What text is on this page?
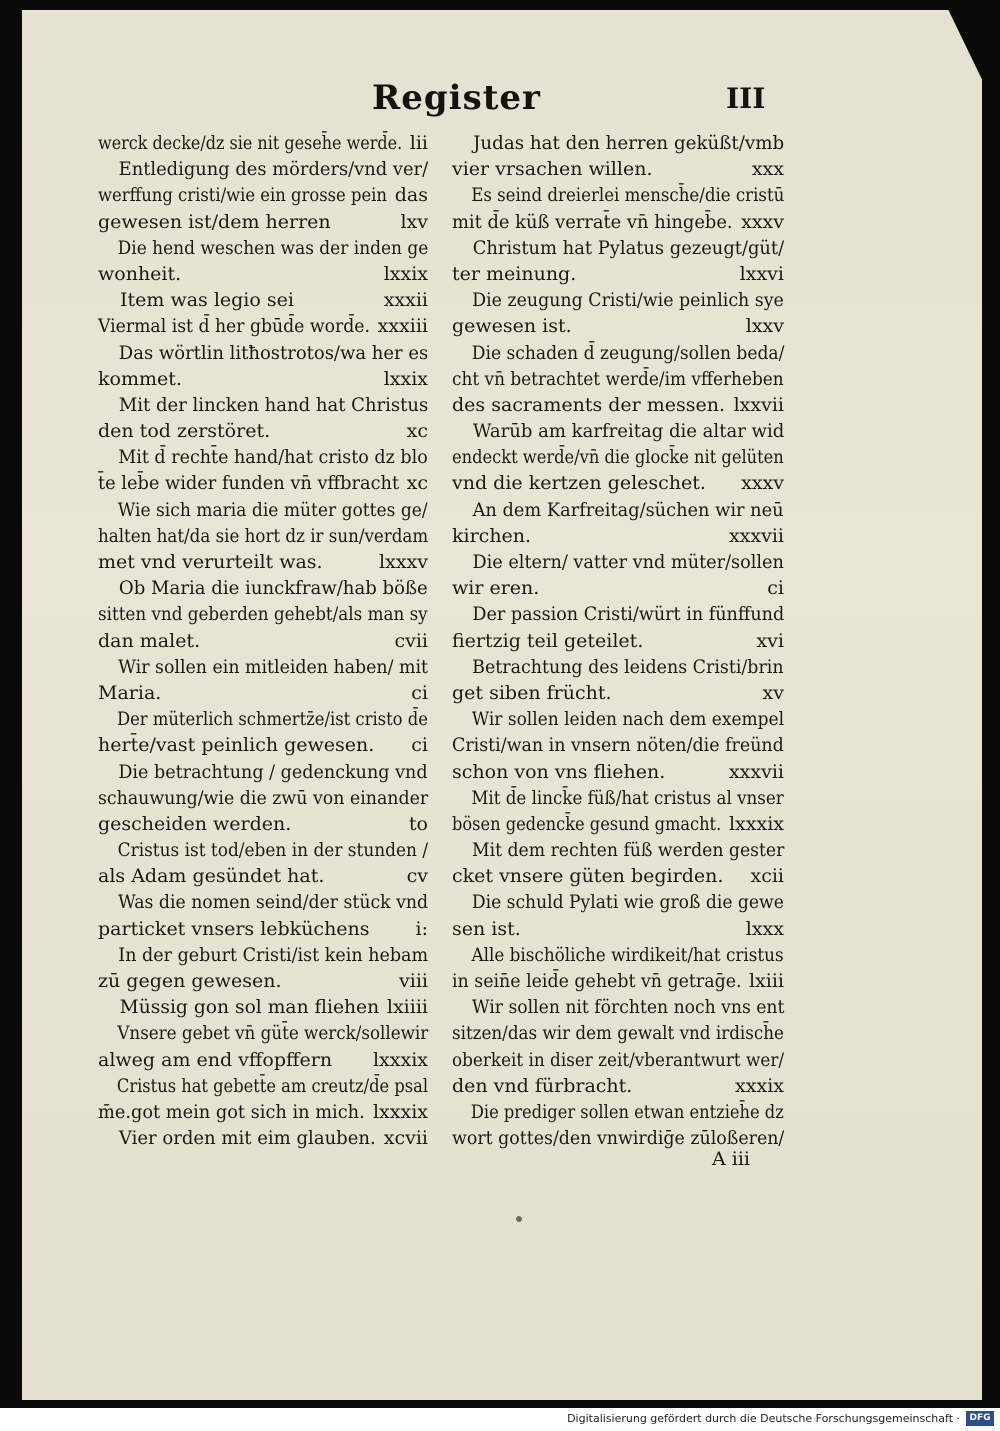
Register	III
werck decke/dz sie nit geseh̄e werd̄e. lii
Entledigung des mörders/vnd ver/
werffung cristi/wie ein grosse pein das
gewesen ist/dem herren	lxv
Die hend weschen was der inden ge
wonheit.	lxxix
Item was legio sei	xxxii
Viermal ist d̄ her gbūd̄e word̄e. xxxiii
Das wörtlin litħostrotos/wa her es
kommet.	lxxix
Mit der lincken hand hat Christus
den tod zerstöret.	xc
Mit d̄ recht̄e hand/hat cristo dz blo
t̄e leb̄e wider funden vn̄ vffbracht xc
Wie sich maria die müter gottes ge/
halten hat/da sie hort dz ir sun/verdam
met vnd verurteilt was.	lxxxv
Ob Maria die iunckfraw/hab böße
sitten vnd geberden gehebt/als man sy
dan malet.	cvii
Wir sollen ein mitleiden haben/ mit
Maria.	ci
Der müterlich schmertz̄e/ist cristo d̄e
hert̄e/vast peinlich gewesen. ci
Die betrachtung / gedenckung vnd
schauwung/wie die zwū von einander
gescheiden werden.	to
Cristus ist tod/eben in der stunden /
als Adam gesündet hat.	cv
Was die nomen seind/der stück vnd
particket vnsers lebküchens i:
In der geburt Cristi/ist kein hebam
zū gegen gewesen.	viii
Müssig gon sol man fliehen lxiiii
Vnsere gebet vn̄ güt̄e werck/sollewir
alweg am end vffopffern lxxxix
Cristus hat gebett̄e am creutz/d̄e psal
m̄e.got mein got sich in mich. lxxxix
Vier orden mit eim glauben. xcvii
Judas hat den herren geküßt/vmb
vier vrsachen willen.	xxx
Es seind dreierlei mensch̄e/die cristū
mit d̄e küß verrat̄e vn̄ hingeb̄e. xxxv
Christum hat Pylatus gezeugt/güt/
ter meinung.	lxxvi
Die zeugung Cristi/wie peinlich sye
gewesen ist.	lxxv
Die schaden d̄ zeugung/sollen beda/
cht vn̄ betrachtet werd̄e/im vfferheben
des sacraments der messen. lxxvii
Warūb am karfreitag die altar wid
endeckt werd̄e/vn̄ die glock̄e nit gelüten
vnd die kertzen geleschet. xxxv
An dem Karfreitag/süchen wir neū
kirchen.	xxxvii
Die eltern/ vatter vnd müter/sollen
wir eren.	ci
Der passion Cristi/würt in fünffund
fiertzig teil geteilet.	xvi
Betrachtung des leidens Cristi/brin
get siben frücht.	xv
Wir sollen leiden nach dem exempel
Cristi/wan in vnsern nöten/die freünd
schon von vns fliehen.	xxxvii
Mit d̄e linck̄e füß/hat cristus al vnser
bösen gedenck̄e gesund gmacht. lxxxix
Mit dem rechten füß werden gester
cket vnsere güten begirden. xcii
Die schuld Pylati wie groß die gewe
sen ist.	lxxx
Alle bischöliche wirdikeit/hat cristus
in sein̄e leid̄e gehebt vn̄ getraḡe. lxiii
Wir sollen nit förchten noch vns ent
sitzen/das wir dem gewalt vnd irdisch̄e
oberkeit in diser zeit/vberantwurt wer/
den vnd fürbracht.	xxxix
Die prediger sollen etwan entzieh̄e dz
wort gottes/den vnwirdiḡe zūloßeren/
A iii
Digitalisierung gefördert durch die Deutsche Forschungsgemeinschaft ·	DFG
